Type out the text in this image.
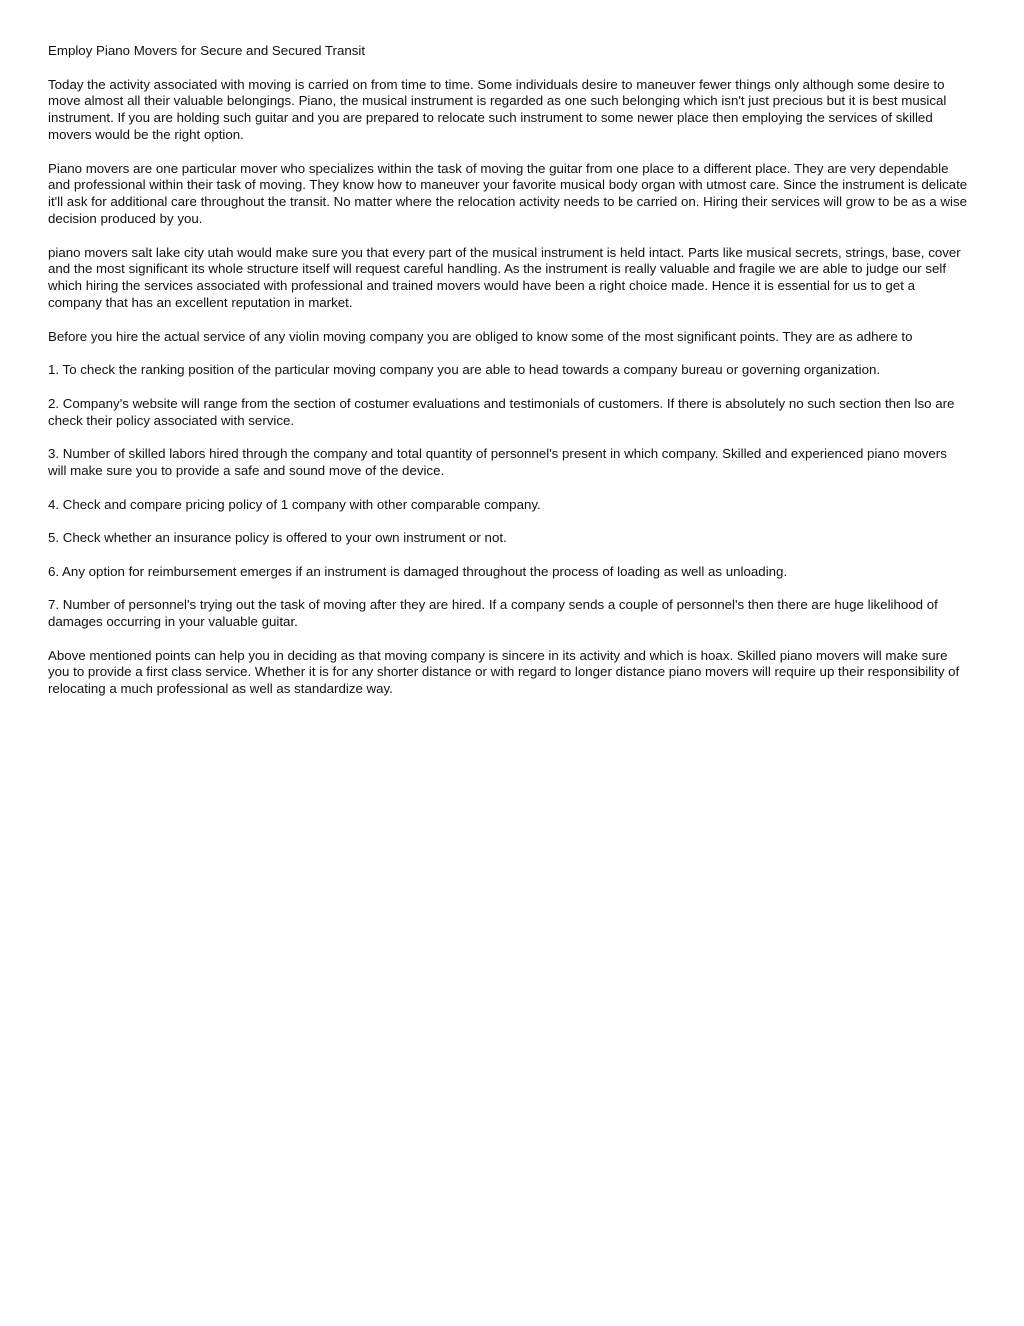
Employ Piano Movers for Secure and Secured Transit

Today the activity associated with moving is carried on from time to time. Some individuals desire to maneuver fewer things only although some desire to move almost all their valuable belongings. Piano, the musical instrument is regarded as one such belonging which isn't just precious but it is best musical instrument. If you are holding such guitar and you are prepared to relocate such instrument to some newer place then employing the services of skilled movers would be the right option.

Piano movers are one particular mover who specializes within the task of moving the guitar from one place to a different place. They are very dependable and professional within their task of moving. They know how to maneuver your favorite musical body organ with utmost care. Since the instrument is delicate it'll ask for additional care throughout the transit. No matter where the relocation activity needs to be carried on. Hiring their services will grow to be as a wise decision produced by you.

piano movers salt lake city utah would make sure you that every part of the musical instrument is held intact. Parts like musical secrets, strings, base, cover and the most significant its whole structure itself will request careful handling. As the instrument is really valuable and fragile we are able to judge our self which hiring the services associated with professional and trained movers would have been a right choice made. Hence it is essential for us to get a company that has an excellent reputation in market.

Before you hire the actual service of any violin moving company you are obliged to know some of the most significant points. They are as adhere to

1. To check the ranking position of the particular moving company you are able to head towards a company bureau or governing organization.

2. Company's website will range from the section of costumer evaluations and testimonials of customers. If there is absolutely no such section then lso are check their policy associated with service.

3. Number of skilled labors hired through the company and total quantity of personnel's present in which company. Skilled and experienced piano movers will make sure you to provide a safe and sound move of the device.

4. Check and compare pricing policy of 1 company with other comparable company.

5. Check whether an insurance policy is offered to your own instrument or not.

6. Any option for reimbursement emerges if an instrument is damaged throughout the process of loading as well as unloading.

7. Number of personnel's trying out the task of moving after they are hired. If a company sends a couple of personnel's then there are huge likelihood of damages occurring in your valuable guitar.

Above mentioned points can help you in deciding as that moving company is sincere in its activity and which is hoax. Skilled piano movers will make sure you to provide a first class service. Whether it is for any shorter distance or with regard to longer distance piano movers will require up their responsibility of relocating a much professional as well as standardize way.
